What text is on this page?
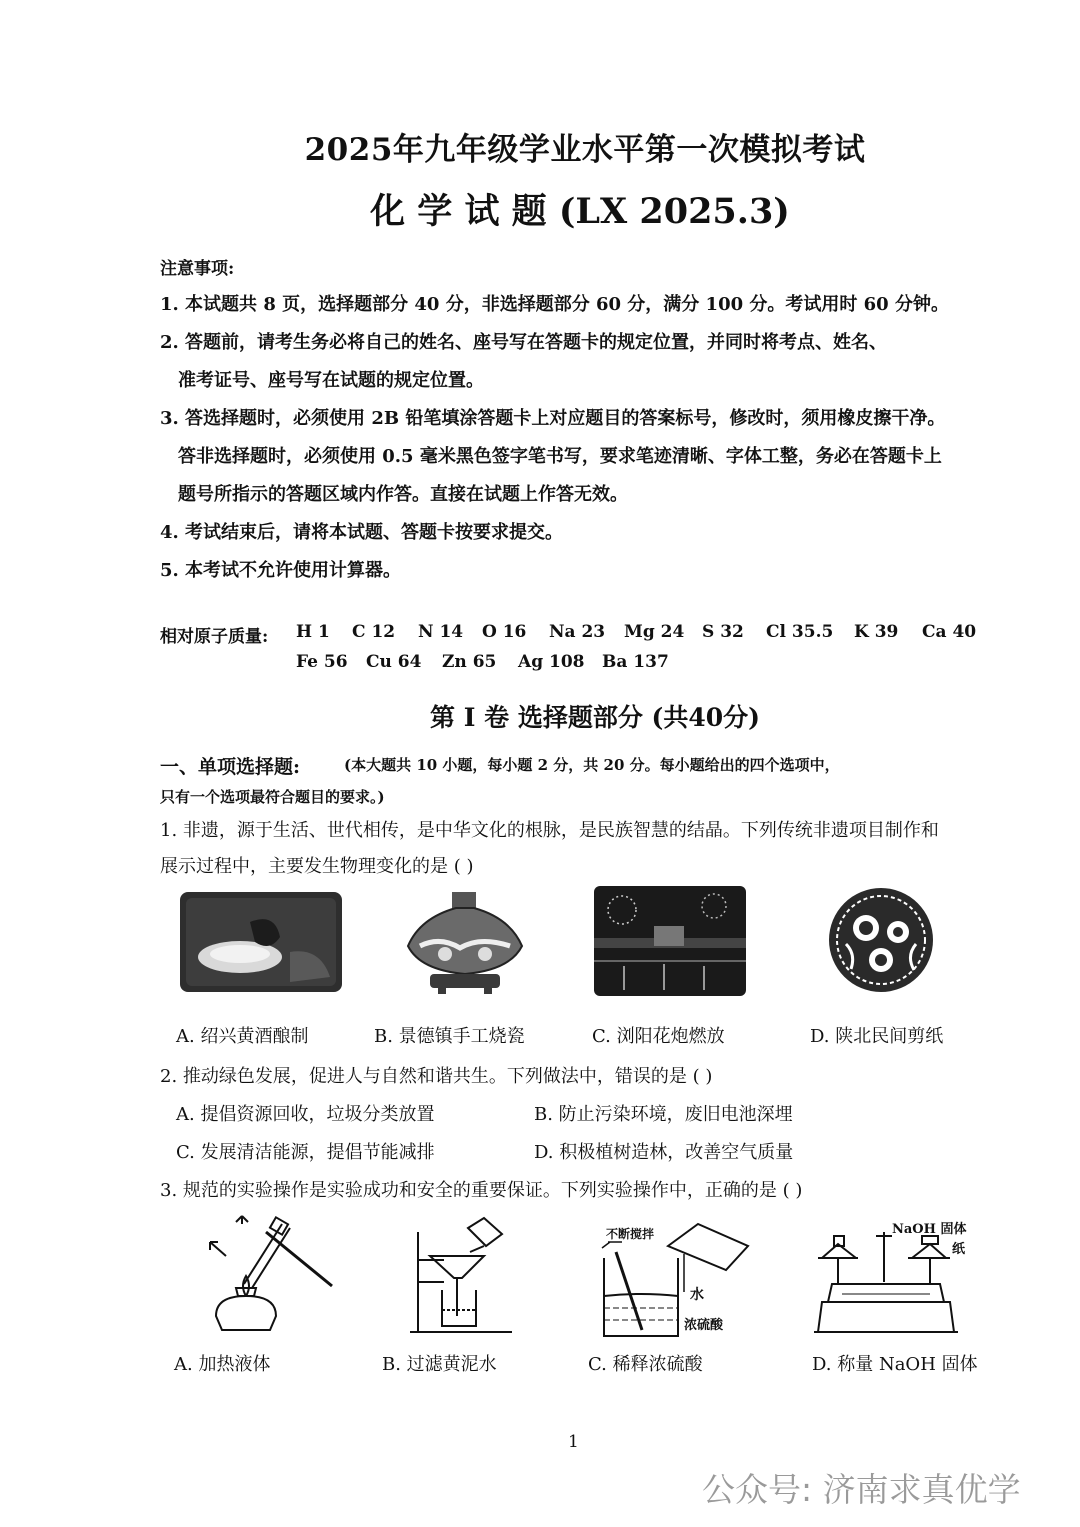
2025年九年级学业水平第一次模拟考试
化 学 试 题 (LX 2025.3)
注意事项:
1. 本试题共 8 页，选择题部分 40 分，非选择题部分 60 分，满分 100 分。考试用时 60 分钟。
2. 答题前，请考生务必将自己的姓名、座号写在答题卡的规定位置，并同时将考点、姓名、
准考证号、座号写在试题的规定位置。
3. 答选择题时，必须使用 2B 铅笔填涂答题卡上对应题目的答案标号，修改时，须用橡皮擦干净。
答非选择题时，必须使用 0.5 毫米黑色签字笔书写，要求笔迹清晰、字体工整，务必在答题卡上
题号所指示的答题区域内作答。直接在试题上作答无效。
4. 考试结束后，请将本试题、答题卡按要求提交。
5. 本考试不允许使用计算器。
相对原子质量: H 1 C 12 N 14 O 16 Na 23 Mg 24 S 32 Cl 35.5 K 39 Ca 40
Fe 56 Cu 64 Zn 65 Ag 108 Ba 137
第 I 卷 选择题部分 (共40分)
一、单项选择题:	(本大题共 10 小题，每小题 2 分，共 20 分。每小题给出的四个选项中，
只有一个选项最符合题目的要求。)
1. 非遗，源于生活、世代相传，是中华文化的根脉，是民族智慧的结晶。下列传统非遗项目制作和
展示过程中，主要发生物理变化的是 ( )
A. 绍兴黄酒酿制	B. 景德镇手工烧瓷	C. 浏阳花炮燃放	D. 陕北民间剪纸
2. 推动绿色发展，促进人与自然和谐共生。下列做法中，错误的是 ( )
A. 提倡资源回收，垃圾分类放置	B. 防止污染环境，废旧电池深埋
C. 发展清洁能源，提倡节能减排	D. 积极植树造林，改善空气质量
3. 规范的实验操作是实验成功和安全的重要保证。下列实验操作中，正确的是 ( )
不断搅拌
水
浓硫酸
NaOH 固体
纸
A. 加热液体	B. 过滤黄泥水	C. 稀释浓硫酸	D. 称量 NaOH 固体
1
公众号: 济南求真优学
